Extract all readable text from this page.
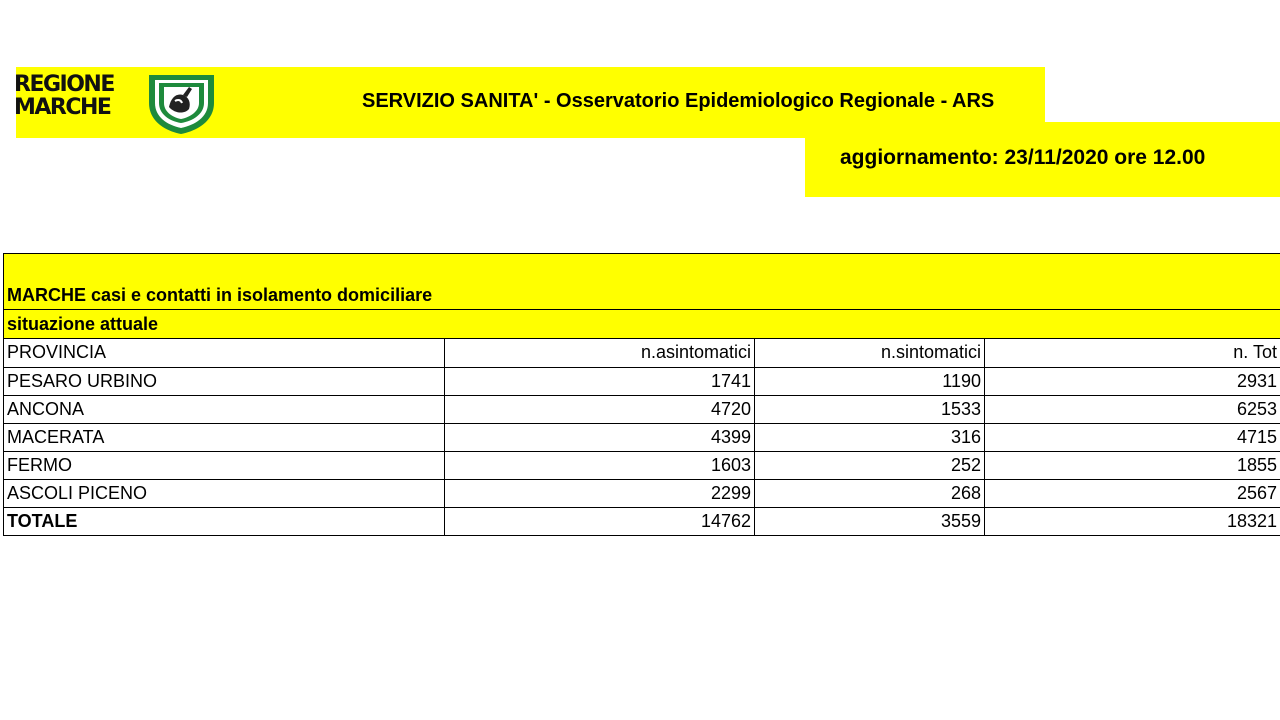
REGIONE
MARCHE	SERVIZIO SANITA' - Osservatorio Epidemiologico Regionale - ARS
aggiornamento: 23/11/2020 ore 12.00
MARCHE casi e contatti in isolamento domiciliare
situazione attuale
PROVINCIA	n.asintomatici	n.sintomatici	n. Tot
PESARO URBINO	1741	1190	2931
ANCONA	4720	1533	6253
MACERATA	4399	316	4715
FERMO	1603	252	1855
ASCOLI PICENO	2299	268	2567
TOTALE	14762	3559	18321
